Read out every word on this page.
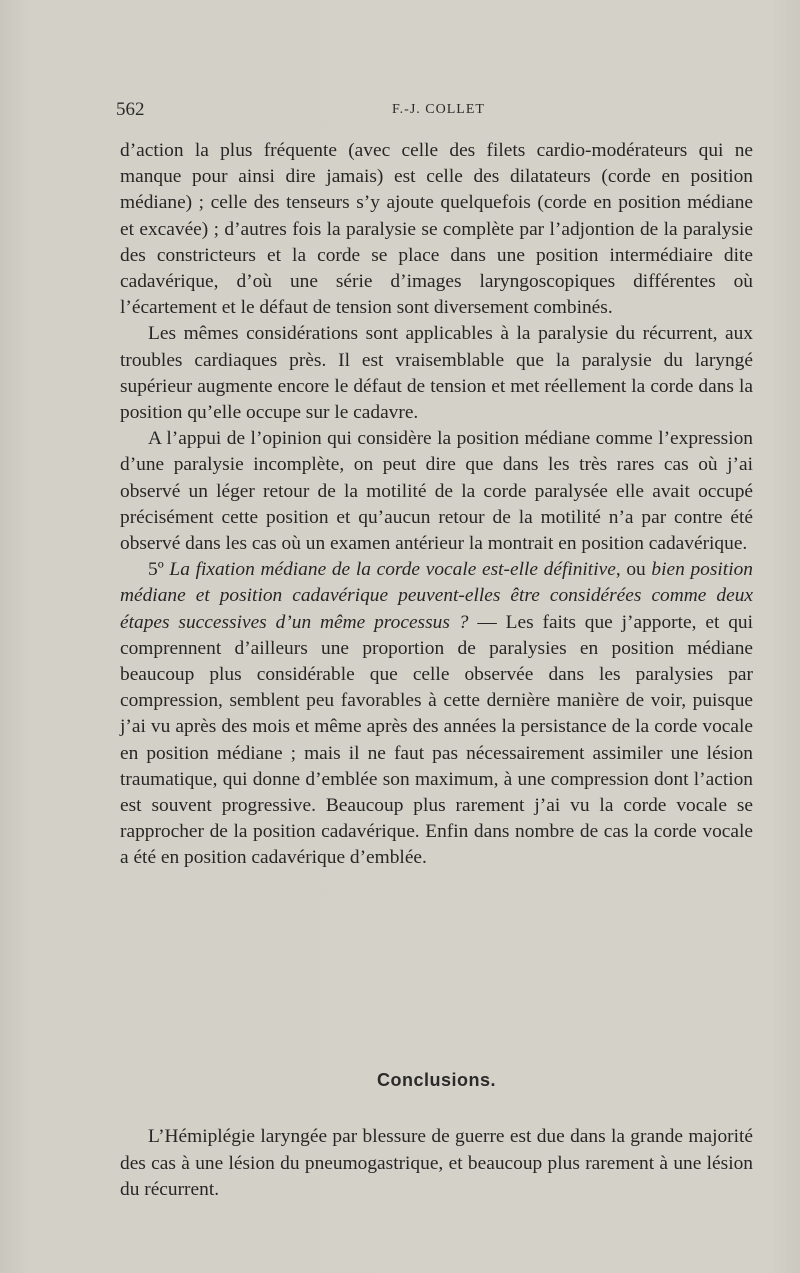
562	F.-J. COLLET

d’action la plus fréquente (avec celle des filets cardio-modérateurs qui ne manque pour ainsi dire jamais) est celle des dilatateurs (corde en position médiane) ; celle des tenseurs s’y ajoute quelquefois (corde en position médiane et excavée) ; d’autres fois la paralysie se complète par l’adjontion de la paralysie des constricteurs et la corde se place dans une position intermédiaire dite cadavérique, d’où une série d’images laryngoscopiques différentes où l’écartement et le défaut de tension sont diversement combinés.

Les mêmes considérations sont applicables à la paralysie du récurrent, aux troubles cardiaques près. Il est vraisemblable que la paralysie du laryngé supérieur augmente encore le défaut de tension et met réellement la corde dans la position qu’elle occupe sur le cadavre.

A l’appui de l’opinion qui considère la position médiane comme l’expression d’une paralysie incomplète, on peut dire que dans les très rares cas où j’ai observé un léger retour de la motilité de la corde paralysée elle avait occupé précisément cette position et qu’aucun retour de la motilité n’a par contre été observé dans les cas où un examen antérieur la montrait en position cadavérique.

5º La fixation médiane de la corde vocale est-elle définitive, ou bien position médiane et position cadavérique peuvent-elles être considérées comme deux étapes successives d’un même processus ? — Les faits que j’apporte, et qui comprennent d’ailleurs une proportion de paralysies en position médiane beaucoup plus considérable que celle observée dans les paralysies par compression, semblent peu favorables à cette dernière manière de voir, puisque j’ai vu après des mois et même après des années la persistance de la corde vocale en position médiane ; mais il ne faut pas nécessairement assimiler une lésion traumatique, qui donne d’emblée son maximum, à une compression dont l’action est souvent progressive. Beaucoup plus rarement j’ai vu la corde vocale se rapprocher de la position cadavérique. Enfin dans nombre de cas la corde vocale a été en position cadavérique d’emblée.

Conclusions.

L’Hémiplégie laryngée par blessure de guerre est due dans la grande majorité des cas à une lésion du pneumogastrique, et beaucoup plus rarement à une lésion du récurrent.
